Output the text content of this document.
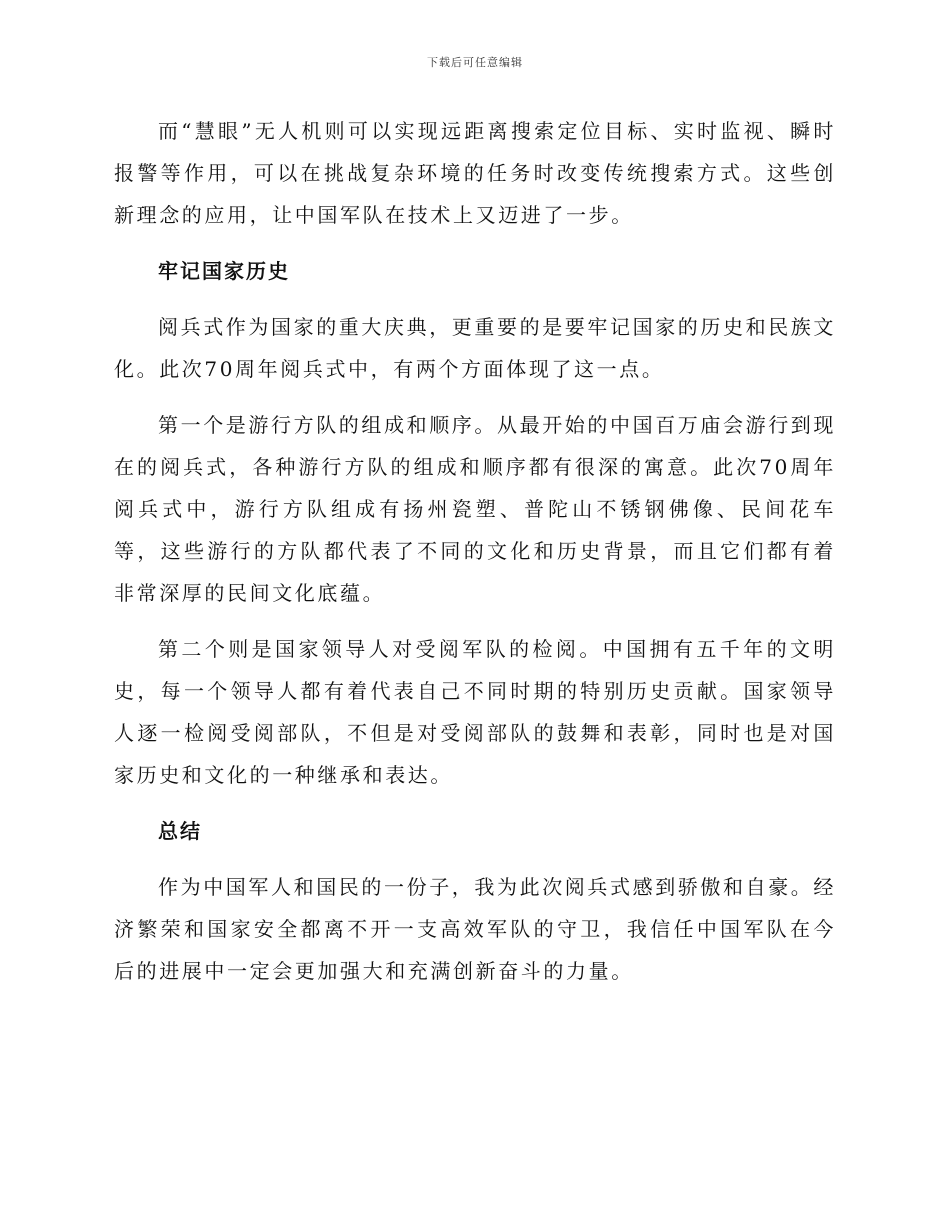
下载后可任意编辑

而“慧眼”无人机则可以实现远距离搜索定位目标、实时监视、瞬时报警等作用，可以在挑战复杂环境的任务时改变传统搜索方式。这些创新理念的应用，让中国军队在技术上又迈进了一步。

牢记国家历史

阅兵式作为国家的重大庆典，更重要的是要牢记国家的历史和民族文化。此次70周年阅兵式中，有两个方面体现了这一点。

第一个是游行方队的组成和顺序。从最开始的中国百万庙会游行到现在的阅兵式，各种游行方队的组成和顺序都有很深的寓意。此次70周年阅兵式中，游行方队组成有扬州瓷塑、普陀山不锈钢佛像、民间花车等，这些游行的方队都代表了不同的文化和历史背景，而且它们都有着非常深厚的民间文化底蕴。

第二个则是国家领导人对受阅军队的检阅。中国拥有五千年的文明史，每一个领导人都有着代表自己不同时期的特别历史贡献。国家领导人逐一检阅受阅部队，不但是对受阅部队的鼓舞和表彰，同时也是对国家历史和文化的一种继承和表达。

总结

作为中国军人和国民的一份子，我为此次阅兵式感到骄傲和自豪。经济繁荣和国家安全都离不开一支高效军队的守卫，我信任中国军队在今后的进展中一定会更加强大和充满创新奋斗的力量。
